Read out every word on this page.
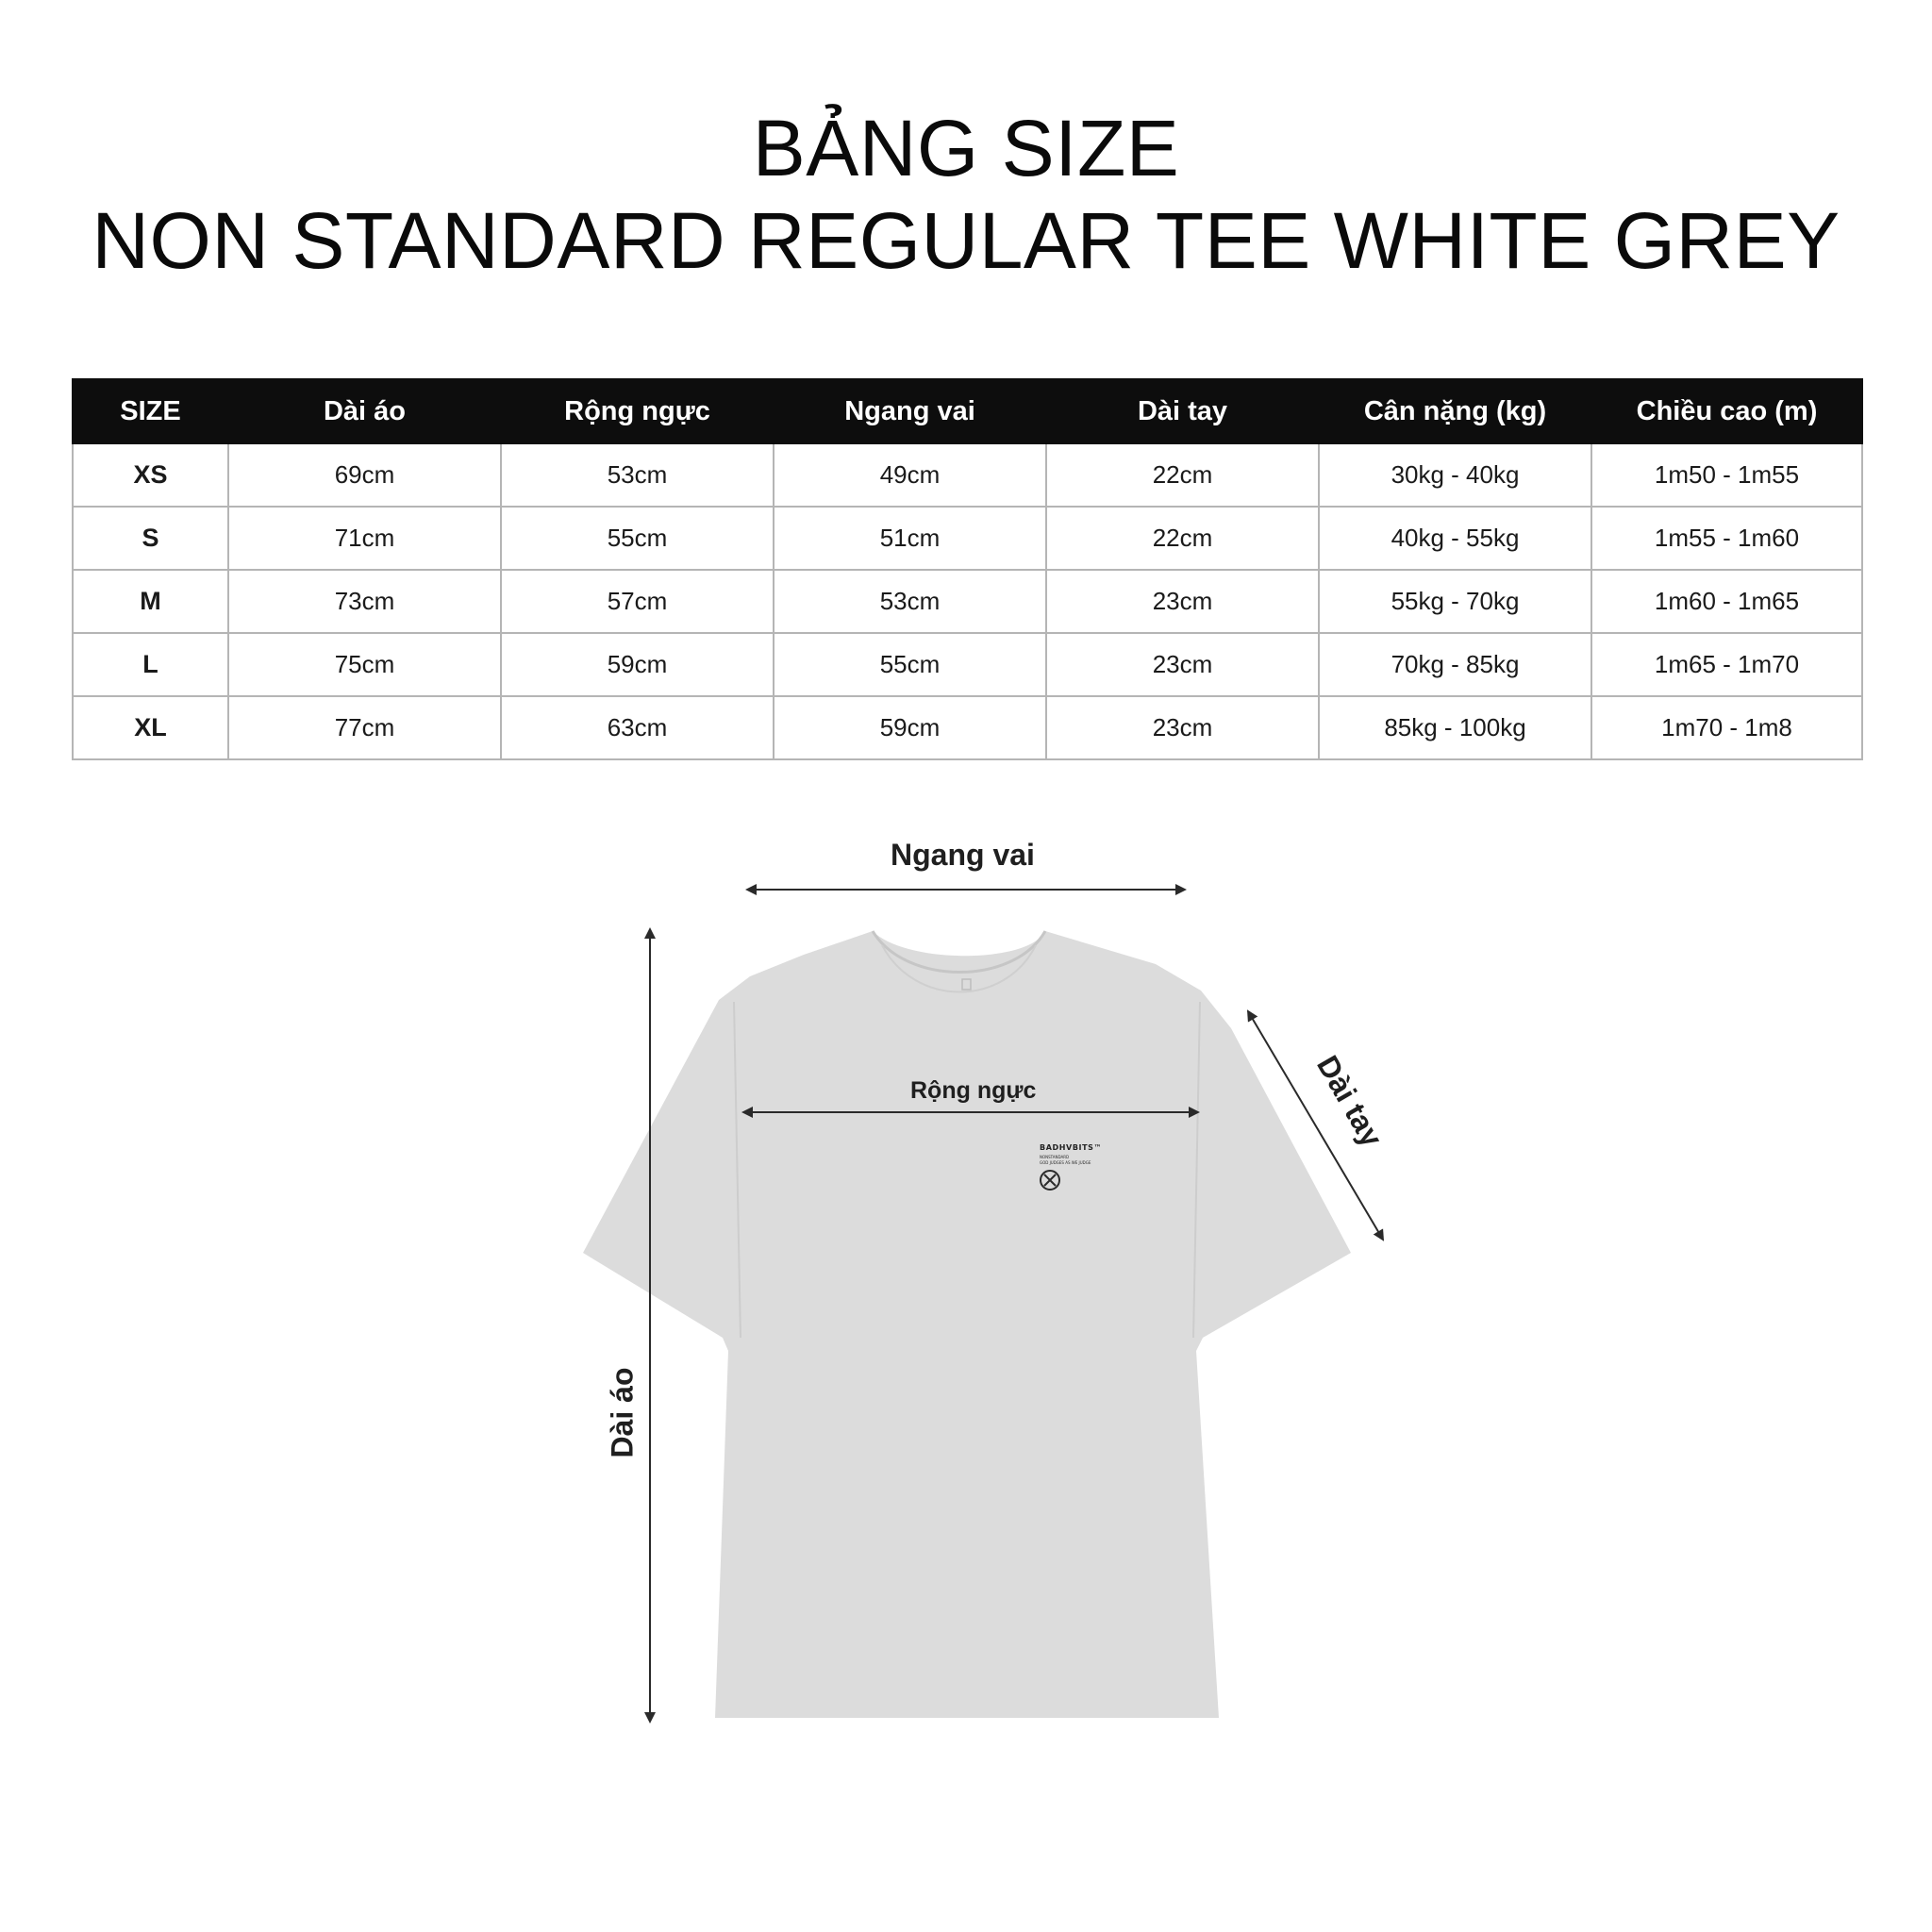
BẢNG SIZE
NON STANDARD REGULAR TEE WHITE GREY
SIZE	Dài áo	Rộng ngực	Ngang vai	Dài tay	Cân nặng (kg)	Chiều cao (m)
XS	69cm	53cm	49cm	22cm	30kg - 40kg	1m50 - 1m55
S	71cm	55cm	51cm	22cm	40kg - 55kg	1m55 - 1m60
M	73cm	57cm	53cm	23cm	55kg - 70kg	1m60 - 1m65
L	75cm	59cm	55cm	23cm	70kg - 85kg	1m65 - 1m70
XL	77cm	63cm	59cm	23cm	85kg - 100kg	1m70 - 1m8
Ngang vai
Rộng ngực	Dài tay
Dài áo
BADHVBITS™
NONSTANDARD
GOD JUDGES AS WE JUDGE
